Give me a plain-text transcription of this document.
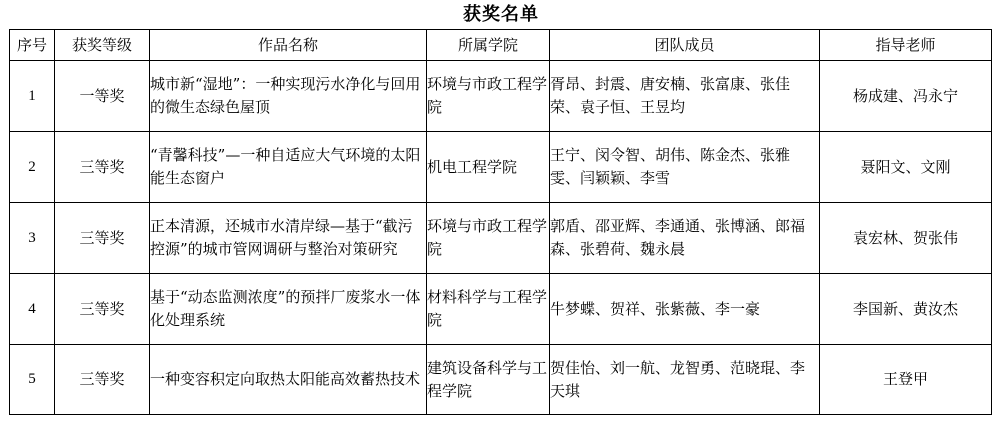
获奖名单
序号	获奖等级	作品名称	所属学院	团队成员	指导老师
1	一等奖	城市新“湿地”：一种实现污水净化与回用的微生态绿色屋顶	环境与市政工程学院	胥昂、封震、唐安楠、张富康、张佳荣、袁子恒、王昱均	杨成建、冯永宁
2	三等奖	“青馨科技”—一种自适应大气环境的太阳能生态窗户	机电工程学院	王宁、闵令智、胡伟、陈金杰、张雅雯、闫颖颖、李雪	聂阳文、文刚
3	三等奖	正本清源，还城市水清岸绿—基于“截污控源”的城市管网调研与整治对策研究	环境与市政工程学院	郭盾、邵亚辉、李通通、张博涵、郎福森、张碧荷、魏永晨	袁宏林、贺张伟
4	三等奖	基于“动态监测浓度”的预拌厂废浆水一体化处理系统	材料科学与工程学院	牛梦蝶、贺祥、张紫薇、李一豪	李国新、黄汝杰
5	三等奖	一种变容积定向取热太阳能高效蓄热技术	建筑设备科学与工程学院	贺佳怡、刘一航、龙智勇、范晓琨、李天琪	王登甲
